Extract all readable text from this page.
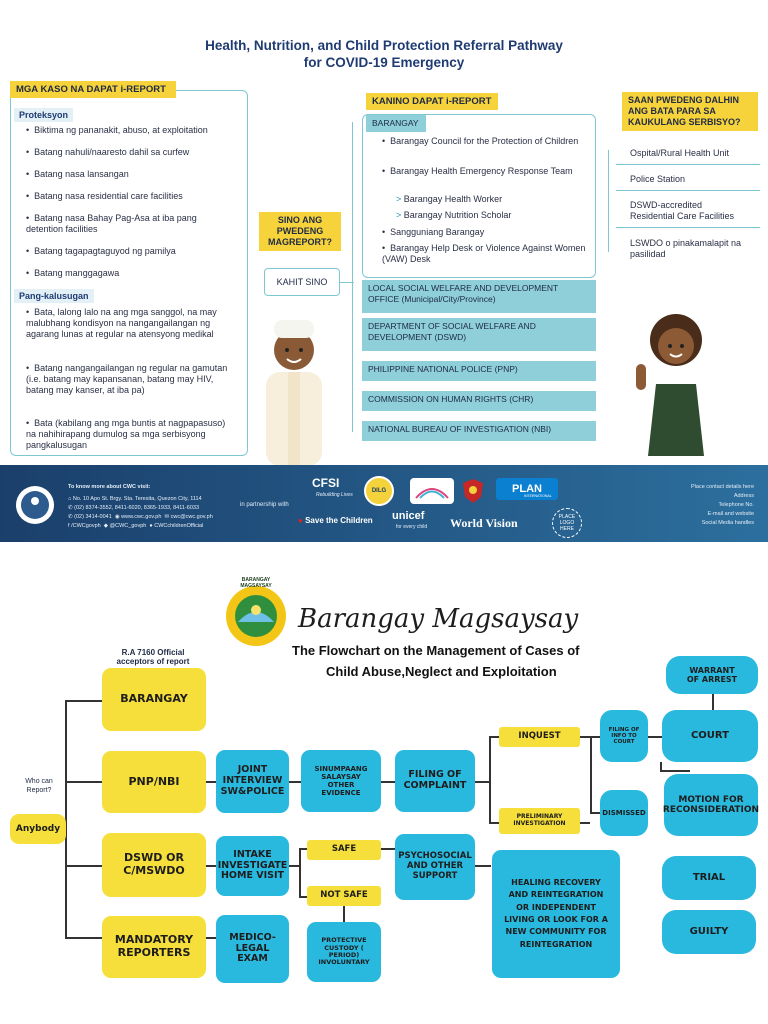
Health, Nutrition, and Child Protection Referral Pathway
for COVID-19 Emergency
MGA KASO NA DAPAT i-REPORT
Proteksyon
•  Biktima ng pananakit, abuso, at exploitation
•  Batang nahuli/naaresto dahil sa curfew
•  Batang nasa lansangan
•  Batang nasa residential care facilities
•  Batang nasa Bahay Pag-Asa at iba pang detention facilities
•  Batang tagapagtaguyod ng pamilya
•  Batang manggagawa
Pang-kalusugan
•  Bata, lalong lalo na ang mga sanggol, na may malubhang kondisyon na nangangailangan ng agarang lunas at regular na atensyong medikal
•  Batang nangangailangan ng regular na gamutan (i.e. batang may kapansanan, batang may HIV, batang may kanser, at iba pa)
•  Bata (kabilang ang mga buntis at nagpapasuso) na nahihirapang dumulog sa mga serbisyong pangkalusugan
SINO ANG PWEDENG MAGREPORT?
KAHIT SINO
KANINO DAPAT i-REPORT
BARANGAY
•  Barangay Council for the Protection of Children
•  Barangay Health Emergency Response Team
> Barangay Health Worker
> Barangay Nutrition Scholar
•  Sangguniang Barangay
•  Barangay Help Desk or Violence Against Women (VAW) Desk
LOCAL SOCIAL WELFARE AND DEVELOPMENT OFFICE (Municipal/City/Province)
DEPARTMENT OF SOCIAL WELFARE AND DEVELOPMENT (DSWD)
PHILIPPINE NATIONAL POLICE (PNP)
COMMISSION ON HUMAN RIGHTS (CHR)
NATIONAL BUREAU OF INVESTIGATION (NBI)
SAAN PWEDENG DALHIN ANG BATA PARA SA KAUKULANG SERBISYO?
Ospital/Rural Health Unit
Police Station
DSWD-accredited Residential Care Facilities
LSWDO o pinakamalapit na pasilidad
To know more about CWC visit:
⌂ No. 10 Apo St. Brgy. Sta. Teresita, Quezon City, 1114
✆ (02) 8374-3552, 8411-6020, 8365-1933, 8411-6033
✆ (02) 3414-0041  ◉ www.cwc.gov.ph  ✉ cwc@cwc.gov.ph
f /CWCgovph  ◆ @CWC_govph  ● CWCchildrenOfficial
in partnership with
CFSI
Rebuilding Lives
DILG	PLAN
INTERNATIONAL
● Save the Children unicef
for every child World Vision	PLACE LOGO HERE
Place contact details here
Address
Telephone No.
E-mail and website
Social Media handles
BARANGAY MAGSAYSAY
Barangay Magsaysay
The Flowchart on the Management of Cases of
Child Abuse,Neglect and Exploitation
R.A 7160 Official acceptors of report
Who can Report?
Anybody
BARANGAY
PNP/NBI
DSWD OR C/MSWDO
MANDATORY REPORTERS
JOINT INTERVIEW SW&POLICE
INTAKE INVESTIGATE HOME VISIT
MEDICO-LEGAL EXAM
SINUMPAANG SALAYSAY OTHER EVIDENCE
SAFE
NOT SAFE
PROTECTIVE CUSTODY ( PERIOD) INVOLUNTARY
FILING OF COMPLAINT
PSYCHOSOCIAL AND OTHER SUPPORT
INQUEST
PRELIMINARY INVESTIGATION
HEALING RECOVERY AND REINTEGRATION OR INDEPENDENT LIVING OR LOOK FOR A NEW COMMUNITY FOR REINTEGRATION
FILING OF INFO TO COURT
DISMISSED
WARRANT OF ARREST
COURT
MOTION FOR RECONSIDERATION
TRIAL
GUILTY
